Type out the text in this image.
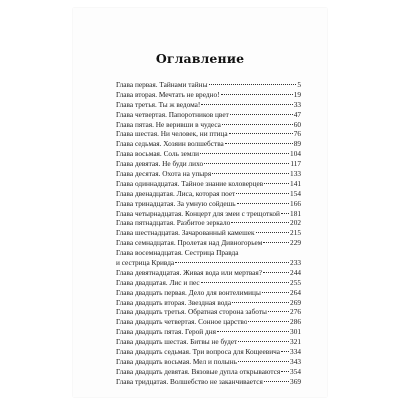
Оглавление
Глава первая. Тайнами тайны	5
Глава вторая. Мечтать не вредно!	19
Глава третья. Ты ж ведома!	33
Глава четвертая. Папоротников цвет	47
Глава пятая. Не веривши в чудеса	60
Глава шестая. Ни человек, ни птица	76
Глава седьмая. Хозяин волшебства	89
Глава восьмая. Соль земли	104
Глава девятая. Не буди лихо	117
Глава десятая. Охота на упыря	133
Глава одиннадцатая. Тайное знание коловерцев	141
Глава двенадцатая. Лиса, которая поет	154
Глава тринадцатая. За умную сойдешь	166
Глава четырнадцатая. Концерт для змеи с трещоткой 181
Глава пятнадцатая. Разбитое зеркало	202
Глава шестнадцатая. Зачарованный камешек	215
Глава семнадцатая. Пролетая над Дивногорьем	229
Глава восемнадцатая. Сестрица Правда
и сестрица Кривда	233
Глава девятнадцатая. Живая вода или мертвая?	244
Глава двадцатая. Лис и пес	255
Глава двадцать первая. Дело для вонтелимицы	264
Глава двадцать вторая. Звездная вода	269
Глава двадцать третья. Обратная сторона заботы	276
Глава двадцать четвертая. Сонное царство	286
Глава двадцать пятая. Герой дня	301
Глава двадцать шестая. Битвы не будет	321
Глава двадцать седьмая. Три вопроса для Кощеевича 334
Глава двадцать восьмая. Мел и полынь	343
Глава двадцать девятая. Вязовые дупла открываются 354
Глава тридцатая. Волшебство не заканчивается	369
